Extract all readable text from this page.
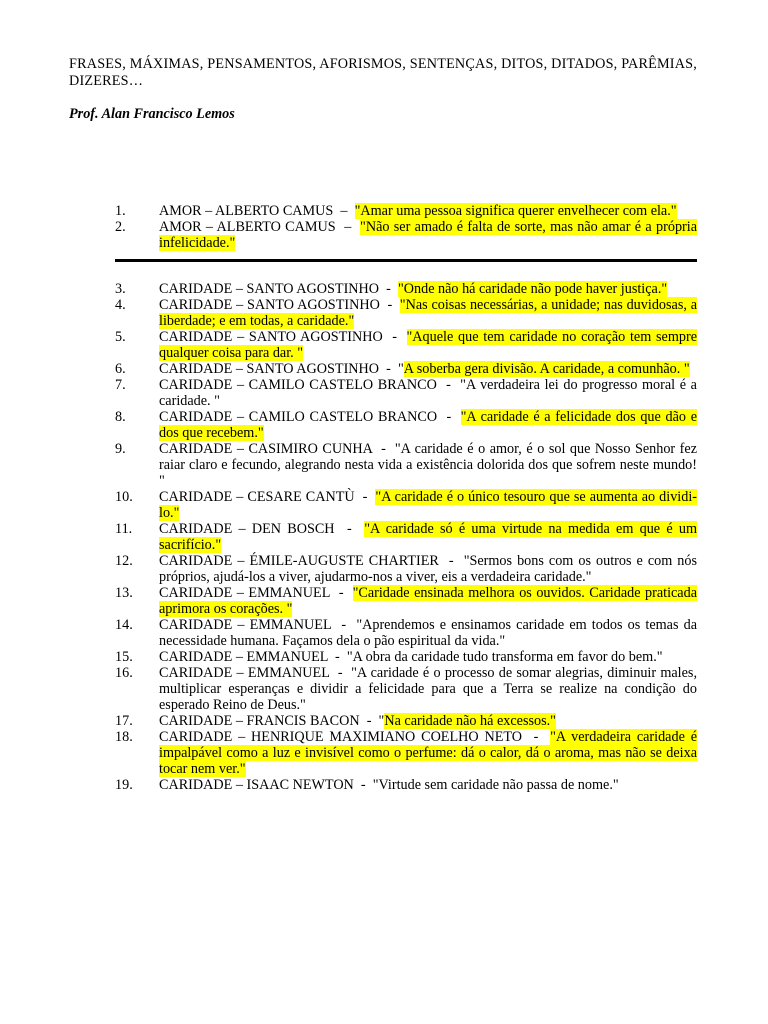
FRASES, MÁXIMAS, PENSAMENTOS, AFORISMOS, SENTENÇAS, DITOS, DITADOS, PARÊMIAS, DIZERES…
Prof. Alan Francisco Lemos
1.	AMOR – ALBERTO CAMUS  –  "Amar uma pessoa significa querer envelhecer com ela."
2.	AMOR – ALBERTO CAMUS  –  "Não ser amado é falta de sorte, mas não amar é a própria infelicidade."
3.	CARIDADE – SANTO AGOSTINHO  -  "Onde não há caridade não pode haver justiça."
4.	CARIDADE – SANTO AGOSTINHO  -  "Nas coisas necessárias, a unidade; nas duvidosas, a liberdade; e em todas, a caridade."
5.	CARIDADE – SANTO AGOSTINHO  -  "Aquele que tem caridade no coração tem sempre qualquer coisa para dar. "
6.	CARIDADE – SANTO AGOSTINHO  -  "A soberba gera divisão. A caridade, a comunhão. "
7.	CARIDADE – CAMILO CASTELO BRANCO  -  "A verdadeira lei do progresso moral é a caridade. "
8.	CARIDADE – CAMILO CASTELO BRANCO  -  "A caridade é a felicidade dos que dão e dos que recebem."
9.	CARIDADE – CASIMIRO CUNHA  -  "A caridade é o amor, é o sol que Nosso Senhor fez raiar claro e fecundo, alegrando nesta vida a existência dolorida dos que sofrem neste mundo! "
10.	CARIDADE – CESARE CANTÙ  -  "A caridade é o único tesouro que se aumenta ao dividi-lo."
11.	CARIDADE – DEN BOSCH  -  "A caridade só é uma virtude na medida em que é um sacrifício."
12.	CARIDADE – ÉMILE-AUGUSTE CHARTIER  -  "Sermos bons com os outros e com nós próprios, ajudá-los a viver, ajudarmo-nos a viver, eis a verdadeira caridade."
13.	CARIDADE – EMMANUEL  -  "Caridade ensinada melhora os ouvidos. Caridade praticada aprimora os corações. "
14.	CARIDADE – EMMANUEL  -  "Aprendemos e ensinamos caridade em todos os temas da necessidade humana. Façamos dela o pão espiritual da vida."
15.	CARIDADE – EMMANUEL  -  "A obra da caridade tudo transforma em favor do bem."
16.	CARIDADE – EMMANUEL  -  "A caridade é o processo de somar alegrias, diminuir males, multiplicar esperanças e dividir a felicidade para que a Terra se realize na condição do esperado Reino de Deus."
17.	CARIDADE – FRANCIS BACON  -  "Na caridade não há excessos."
18.	CARIDADE – HENRIQUE MAXIMIANO COELHO NETO  -  "A verdadeira caridade é impalpável como a luz e invisível como o perfume: dá o calor, dá o aroma, mas não se deixa tocar nem ver."
19.	CARIDADE – ISAAC NEWTON  -  "Virtude sem caridade não passa de nome."
